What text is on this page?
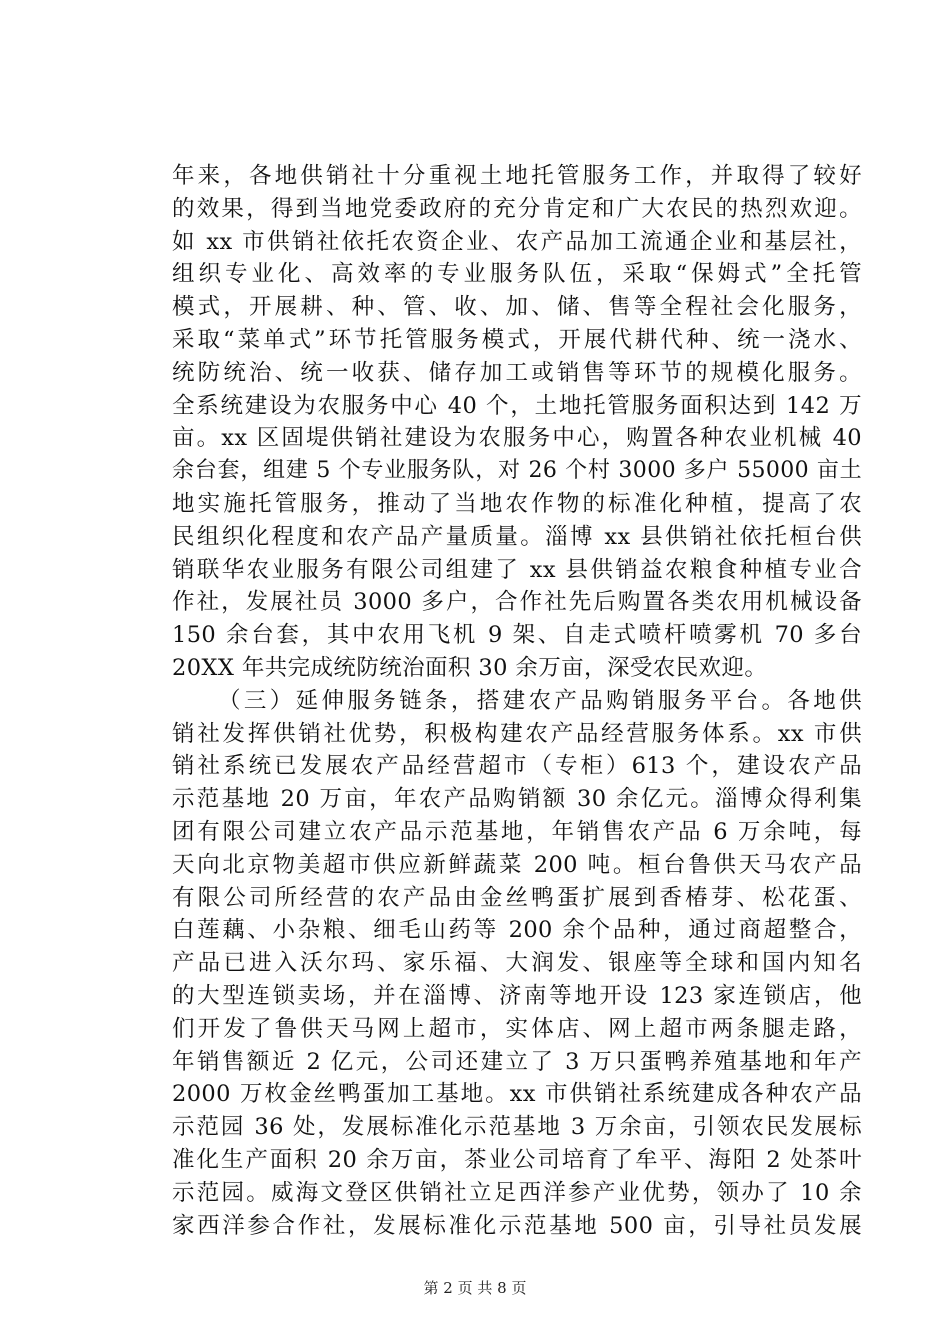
年来，各地供销社十分重视土地托管服务工作，并取得了较好
的效果，得到当地党委政府的充分肯定和广大农民的热烈欢迎。
如 xx 市供销社依托农资企业、农产品加工流通企业和基层社，
组织专业化、高效率的专业服务队伍，采取“保姆式”全托管
模式，开展耕、种、管、收、加、储、售等全程社会化服务，
采取“菜单式”环节托管服务模式，开展代耕代种、统一浇水、
统防统治、统一收获、储存加工或销售等环节的规模化服务。
全系统建设为农服务中心 40 个，土地托管服务面积达到 142 万
亩。xx 区固堤供销社建设为农服务中心，购置各种农业机械 40
余台套，组建 5 个专业服务队，对 26 个村 3000 多户 55000 亩土
地实施托管服务，推动了当地农作物的标准化种植，提高了农
民组织化程度和农产品产量质量。淄博 xx 县供销社依托桓台供
销联华农业服务有限公司组建了 xx 县供销益农粮食种植专业合
作社，发展社员 3000 多户，合作社先后购置各类农用机械设备
150 余台套，其中农用飞机 9 架、自走式喷杆喷雾机 70 多台
20XX 年共完成统防统治面积 30 余万亩，深受农民欢迎。
（三）延伸服务链条，搭建农产品购销服务平台。各地供
销社发挥供销社优势，积极构建农产品经营服务体系。xx 市供
销社系统已发展农产品经营超市（专柜）613 个，建设农产品
示范基地 20 万亩，年农产品购销额 30 余亿元。淄博众得利集
团有限公司建立农产品示范基地，年销售农产品 6 万余吨，每
天向北京物美超市供应新鲜蔬菜 200 吨。桓台鲁供天马农产品
有限公司所经营的农产品由金丝鸭蛋扩展到香椿芽、松花蛋、
白莲藕、小杂粮、细毛山药等 200 余个品种，通过商超整合，
产品已进入沃尔玛、家乐福、大润发、银座等全球和国内知名
的大型连锁卖场，并在淄博、济南等地开设 123 家连锁店，他
们开发了鲁供天马网上超市，实体店、网上超市两条腿走路，
年销售额近 2 亿元，公司还建立了 3 万只蛋鸭养殖基地和年产
2000 万枚金丝鸭蛋加工基地。xx 市供销社系统建成各种农产品
示范园 36 处，发展标准化示范基地 3 万余亩，引领农民发展标
准化生产面积 20 余万亩，茶业公司培育了牟平、海阳 2 处茶叶
示范园。威海文登区供销社立足西洋参产业优势，领办了 10 余
家西洋参合作社，发展标准化示范基地 500 亩，引导社员发展
第 2 页 共 8 页
